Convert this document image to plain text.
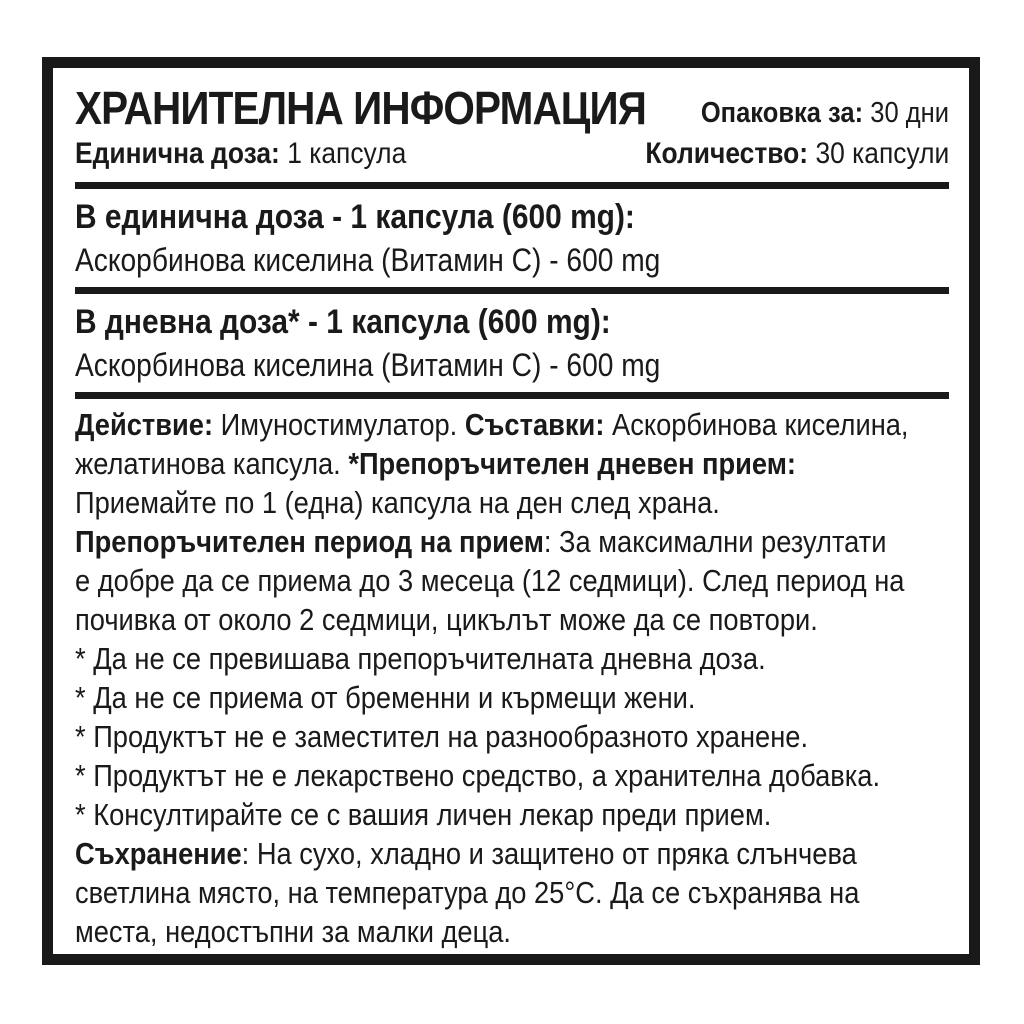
ХРАНИТЕЛНА ИНФОРМАЦИЯ	Опаковка за: 30 дни
Единична доза: 1 капсула	Количество: 30 капсули
В единична доза - 1 капсула (600 mg):
Аскорбинова киселина (Витамин C) - 600 mg
В дневна доза* - 1 капсула (600 mg):
Аскорбинова киселина (Витамин C) - 600 mg
Действие: Имуностимулатор. Съставки: Аскорбинова киселина,
желатинова капсула. *Препоръчителен дневен прием:
Приемайте по 1 (една) капсула на ден след храна.
Препоръчителен период на прием: За максимални резултати
е добре да се приема до 3 месеца (12 седмици). След период на
почивка от около 2 седмици, цикълът може да се повтори.
* Да не се превишава препоръчителната дневна доза.
* Да не се приема от бременни и кърмещи жени.
* Продуктът не е заместител на разнообразното хранене.
* Продуктът не е лекарствено средство, а хранителна добавка.
* Консултирайте се с вашия личен лекар преди прием.
Съхранение: На сухо, хладно и защитено от пряка слънчева
светлина място, на температура до 25°C. Да се съхранява на
места, недостъпни за малки деца.
